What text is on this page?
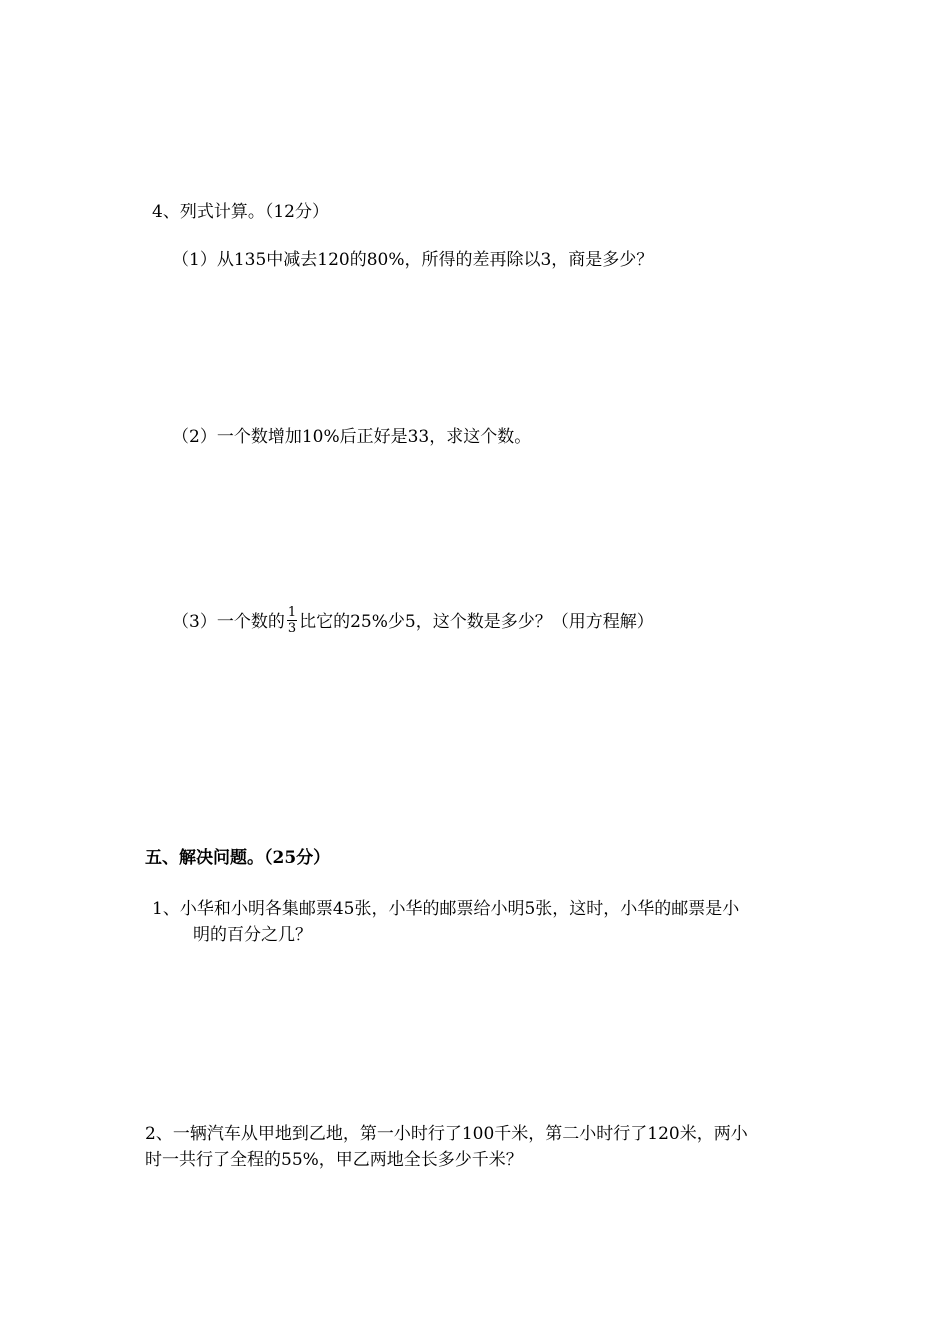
4、列式计算。（12分）
（1）从135中减去120的80%，所得的差再除以3，商是多少？
（2）一个数增加10%后正好是33，求这个数。
（3）一个数的 $\frac{1}{3}$ 比它的25%少5，这个数是多少？（用方程解）
五、解决问题。（25分）
1、小华和小明各集邮票45张，小华的邮票给小明5张，这时，小华的邮票是小
明的百分之几？
2、一辆汽车从甲地到乙地，第一小时行了100千米，第二小时行了120米，两小
时一共行了全程的55%，甲乙两地全长多少千米？
